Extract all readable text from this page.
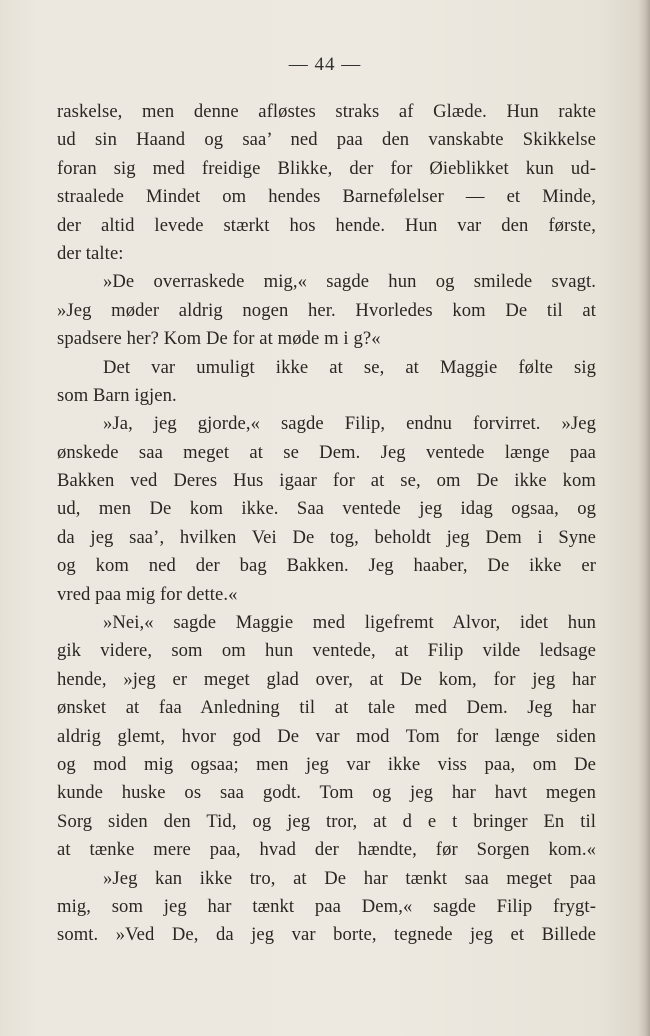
— 44 —
raskelse, men denne afløstes straks af Glæde. Hun rakte
ud sin Haand og saa’ ned paa den vanskabte Skikkelse
foran sig med freidige Blikke, der for Øieblikket kun ud-
straalede Mindet om hendes Barnefølelser — et Minde,
der altid levede stærkt hos hende. Hun var den første,
der talte:
»De overraskede mig,« sagde hun og smilede svagt.
»Jeg møder aldrig nogen her. Hvorledes kom De til at
spadsere her? Kom De for at møde m i g?«
Det var umuligt ikke at se, at Maggie følte sig
som Barn igjen.
»Ja, jeg gjorde,« sagde Filip, endnu forvirret. »Jeg
ønskede saa meget at se Dem. Jeg ventede længe paa
Bakken ved Deres Hus igaar for at se, om De ikke kom
ud, men De kom ikke. Saa ventede jeg idag ogsaa, og
da jeg saa’, hvilken Vei De tog, beholdt jeg Dem i Syne
og kom ned der bag Bakken. Jeg haaber, De ikke er
vred paa mig for dette.«
»Nei,« sagde Maggie med ligefremt Alvor, idet hun
gik videre, som om hun ventede, at Filip vilde ledsage
hende, »jeg er meget glad over, at De kom, for jeg har
ønsket at faa Anledning til at tale med Dem. Jeg har
aldrig glemt, hvor god De var mod Tom for længe siden
og mod mig ogsaa; men jeg var ikke viss paa, om De
kunde huske os saa godt. Tom og jeg har havt megen
Sorg siden den Tid, og jeg tror, at d e t bringer En til
at tænke mere paa, hvad der hændte, før Sorgen kom.«
»Jeg kan ikke tro, at De har tænkt saa meget paa
mig, som jeg har tænkt paa Dem,« sagde Filip frygt-
somt. »Ved De, da jeg var borte, tegnede jeg et Billede
